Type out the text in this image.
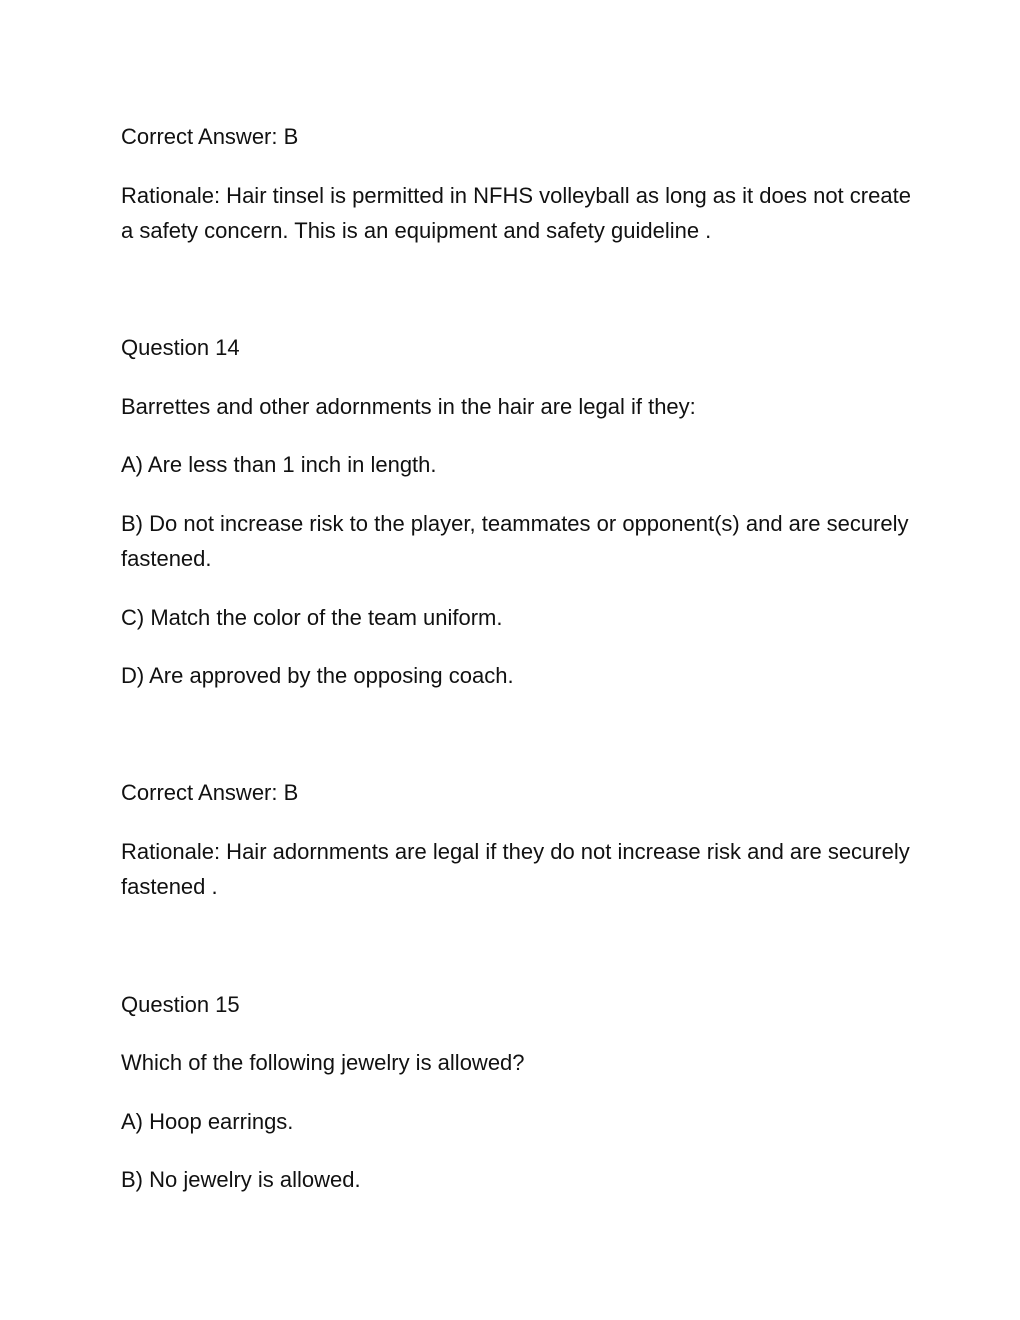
Correct Answer: B

Rationale: Hair tinsel is permitted in NFHS volleyball as long as it does not create a safety concern. This is an equipment and safety guideline .

Question 14

Barrettes and other adornments in the hair are legal if they:

A) Are less than 1 inch in length.

B) Do not increase risk to the player, teammates or opponent(s) and are securely fastened.

C) Match the color of the team uniform.

D) Are approved by the opposing coach.

Correct Answer: B

Rationale: Hair adornments are legal if they do not increase risk and are securely fastened .

Question 15

Which of the following jewelry is allowed?

A) Hoop earrings.

B) No jewelry is allowed.
